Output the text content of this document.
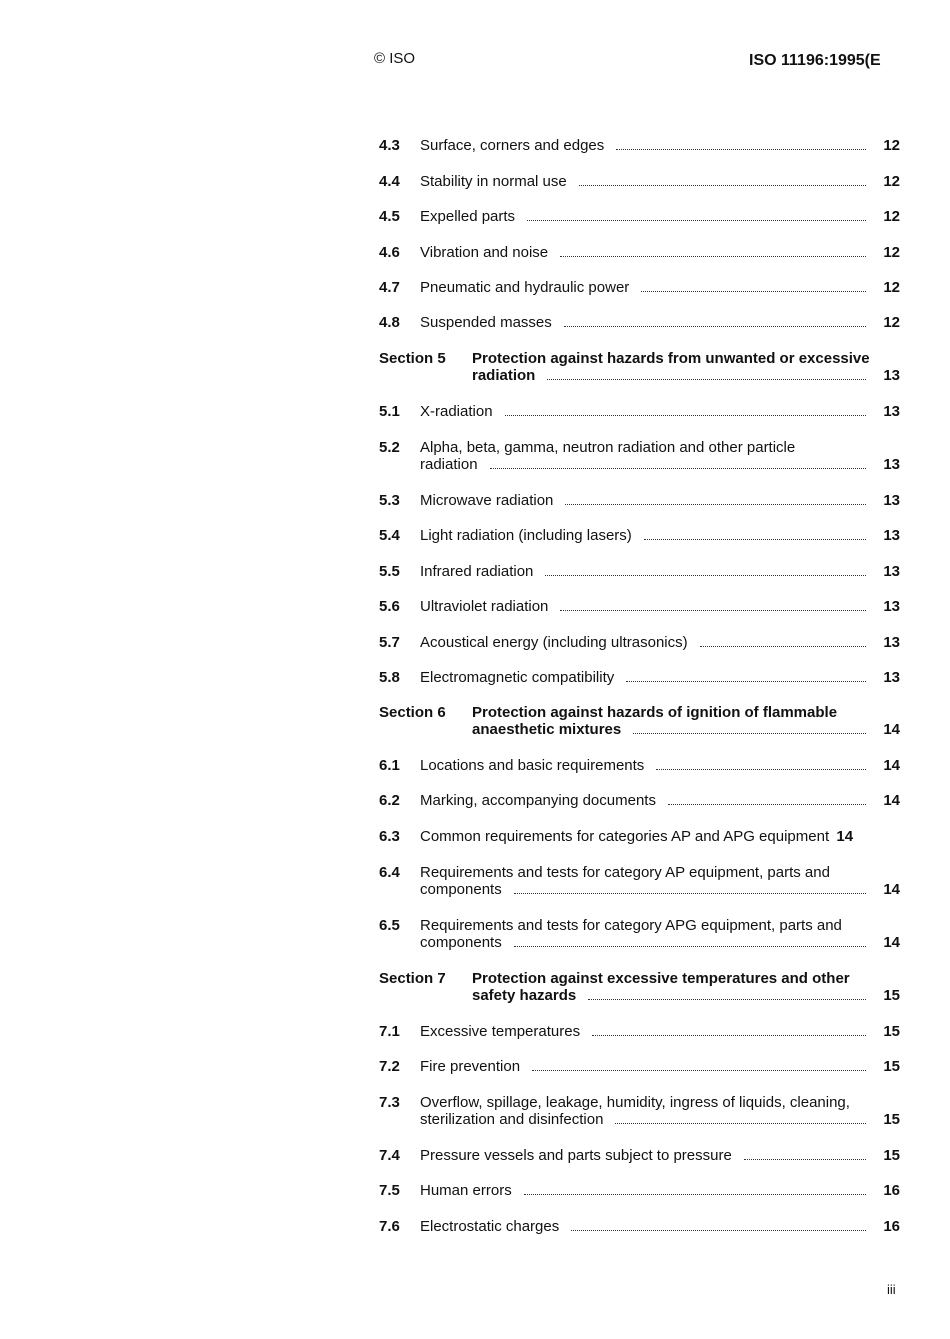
© ISO	ISO 11196:1995(E
4.3 Surface, corners and edges	12
4.4 Stability in normal use	12
4.5 Expelled parts	12
4.6 Vibration and noise	12
4.7 Pneumatic and hydraulic power	12
4.8 Suspended masses	12
Section 5 Protection against hazards from unwanted or excessive
radiation	13
5.1 X-radiation	13
5.2 Alpha, beta, gamma, neutron radiation and other particle
radiation	13
5.3 Microwave radiation	13
5.4 Light radiation (including lasers)	13
5.5 Infrared radiation	13
5.6 Ultraviolet radiation	13
5.7 Acoustical energy (including ultrasonics)	13
5.8 Electromagnetic compatibility	13
Section 6 Protection against hazards of ignition of flammable
anaesthetic mixtures	14
6.1 Locations and basic requirements	14
6.2 Marking, accompanying documents	14
6.3 Common requirements for categories AP and APG equipment 14
6.4 Requirements and tests for category AP equipment, parts and
components	14
6.5 Requirements and tests for category APG equipment, parts and
components	14
Section 7 Protection against excessive temperatures and other
safety hazards	15
7.1 Excessive temperatures	15
7.2 Fire prevention	15
7.3 Overflow, spillage, leakage, humidity, ingress of liquids, cleaning,
sterilization and disinfection	15
7.4 Pressure vessels and parts subject to pressure	15
7.5 Human errors	16
7.6 Electrostatic charges	16
iii
